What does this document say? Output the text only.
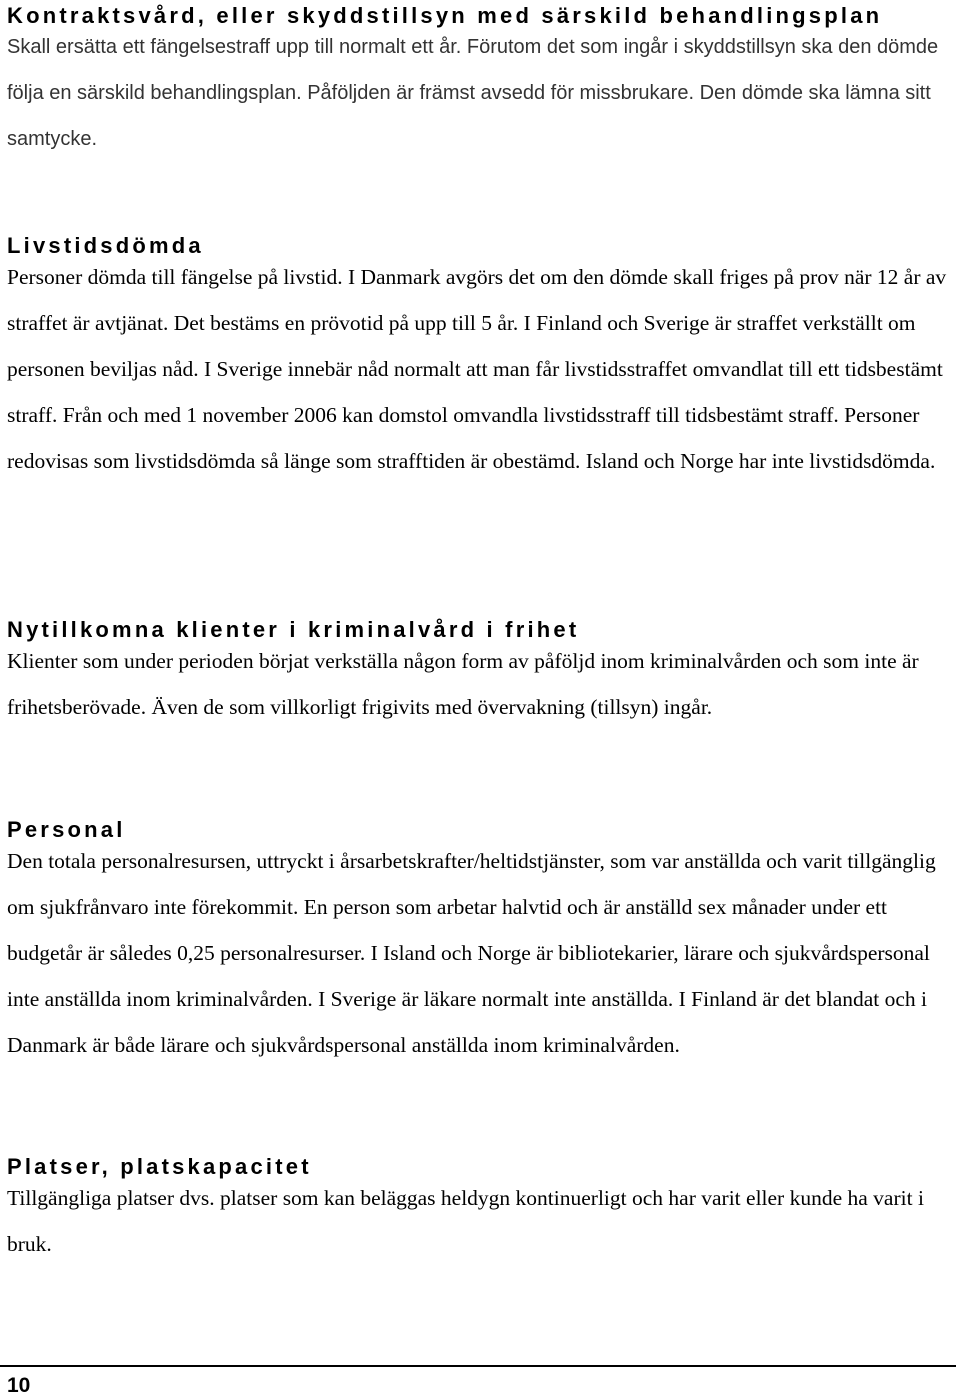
Kontraktsvård, eller skyddstillsyn med särskild behandlingsplan

Skall ersätta ett fängelsestraff upp till normalt ett år. Förutom det som ingår i skyddstillsyn ska den dömde följa en särskild behandlingsplan. Påföljden är främst avsedd för missbrukare. Den dömde ska lämna sitt samtycke.

Livstidsdömda

Personer dömda till fängelse på livstid. I Danmark avgörs det om den dömde skall friges på prov när 12 år av straffet är avtjänat. Det bestäms en prövotid på upp till 5 år. I Finland och Sverige är straffet verkställt om personen beviljas nåd. I Sverige innebär nåd normalt att man får livstidsstraffet omvandlat till ett tidsbestämt straff. Från och med 1 november 2006 kan domstol omvandla livstidsstraff till tidsbestämt straff. Personer redovisas som livstidsdömda så länge som strafftiden är obestämd. Island och Norge har inte livstidsdömda.

Nytillkomna klienter i kriminalvård i frihet

Klienter som under perioden börjat verkställa någon form av påföljd inom kriminalvården och som inte är frihetsberövade. Även de som villkorligt frigivits med övervakning (tillsyn) ingår.

Personal

Den totala personalresursen, uttryckt i årsarbetskrafter/heltidstjänster, som var anställda och varit tillgänglig om sjukfrånvaro inte förekommit. En person som arbetar halvtid och är anställd sex månader under ett budgetår är således 0,25 personalresurser. I Island och Norge är bibliotekarier, lärare och sjukvårdspersonal inte anställda inom kriminalvården. I Sverige är läkare normalt inte anställda. I Finland är det blandat och i Danmark är både lärare och sjukvårdspersonal anställda inom kriminalvården.

Platser, platskapacitet

Tillgängliga platser dvs. platser som kan beläggas heldygn kontinuerligt och har varit eller kunde ha varit i bruk.

10
